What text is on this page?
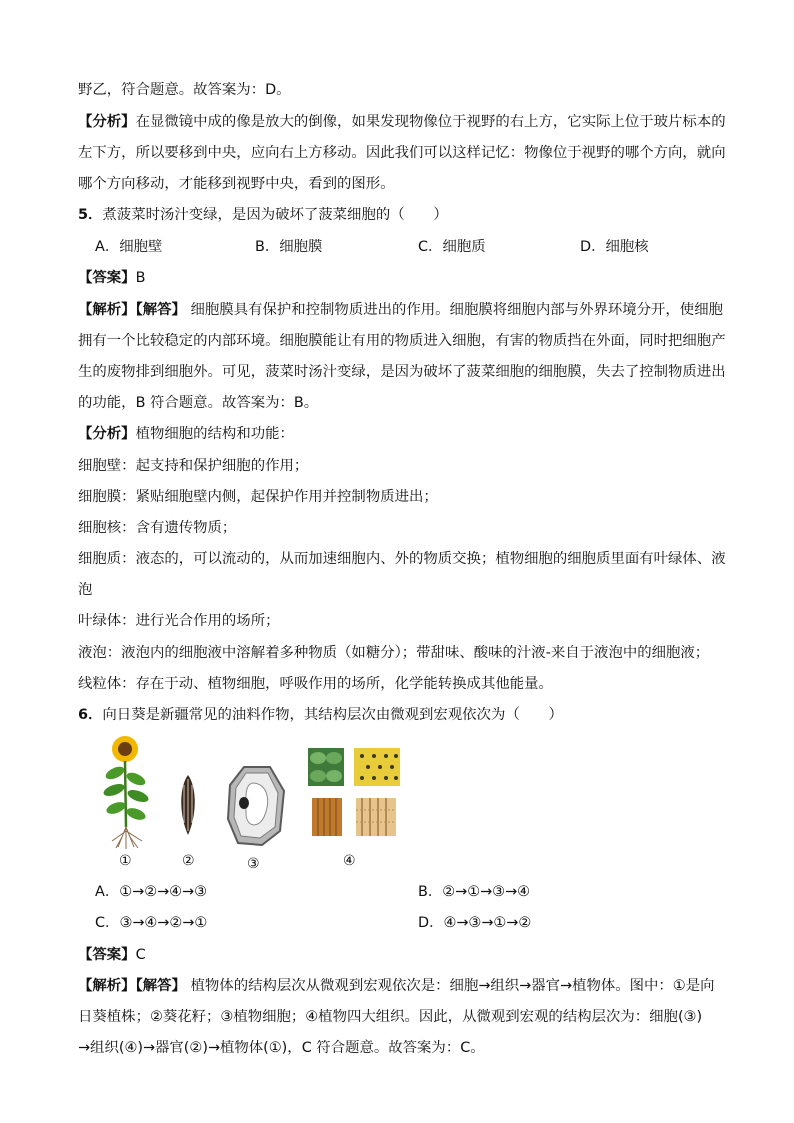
野乙，符合题意。故答案为：D。
【分析】在显微镜中成的像是放大的倒像，如果发现物像位于视野的右上方，它实际上位于玻片标本的
左下方，所以要移到中央，应向右上方移动。因此我们可以这样记忆：物像位于视野的哪个方向，就向
哪个方向移动，才能移到视野中央，看到的图形。
5．煮菠菜时汤汁变绿，是因为破坏了菠菜细胞的（　　）
A．细胞壁	B．细胞膜	C．细胞质	D．细胞核
【答案】B
【解析】【解答】 细胞膜具有保护和控制物质进出的作用。细胞膜将细胞内部与外界环境分开，使细胞
拥有一个比较稳定的内部环境。细胞膜能让有用的物质进入细胞，有害的物质挡在外面，同时把细胞产
生的废物排到细胞外。可见，菠菜时汤汁变绿，是因为破坏了菠菜细胞的细胞膜，失去了控制物质进出
的功能，B 符合题意。故答案为：B。
【分析】植物细胞的结构和功能：
细胞壁：起支持和保护细胞的作用；
细胞膜：紧贴细胞壁内侧，起保护作用并控制物质进出；
细胞核：含有遗传物质；
细胞质：液态的，可以流动的，从而加速细胞内、外的物质交换；植物细胞的细胞质里面有叶绿体、液
泡
叶绿体：进行光合作用的场所；
液泡：液泡内的细胞液中溶解着多种物质（如糖分）；带甜味、酸味的汁液-来自于液泡中的细胞液；
线粒体：存在于动、植物细胞，呼吸作用的场所，化学能转换成其他能量。
6．向日葵是新疆常见的油料作物，其结构层次由微观到宏观依次为（　　）
①	②	③	④
A．①→②→④→③	B．②→①→③→④
C．③→④→②→①	D．④→③→①→②
【答案】C
【解析】【解答】 植物体的结构层次从微观到宏观依次是：细胞→组织→器官→植物体。图中：①是向
日葵植株；②葵花籽；③植物细胞；④植物四大组织。因此，从微观到宏观的结构层次为：细胞(③)
→组织(④)→器官(②)→植物体(①)，C 符合题意。故答案为：C。
